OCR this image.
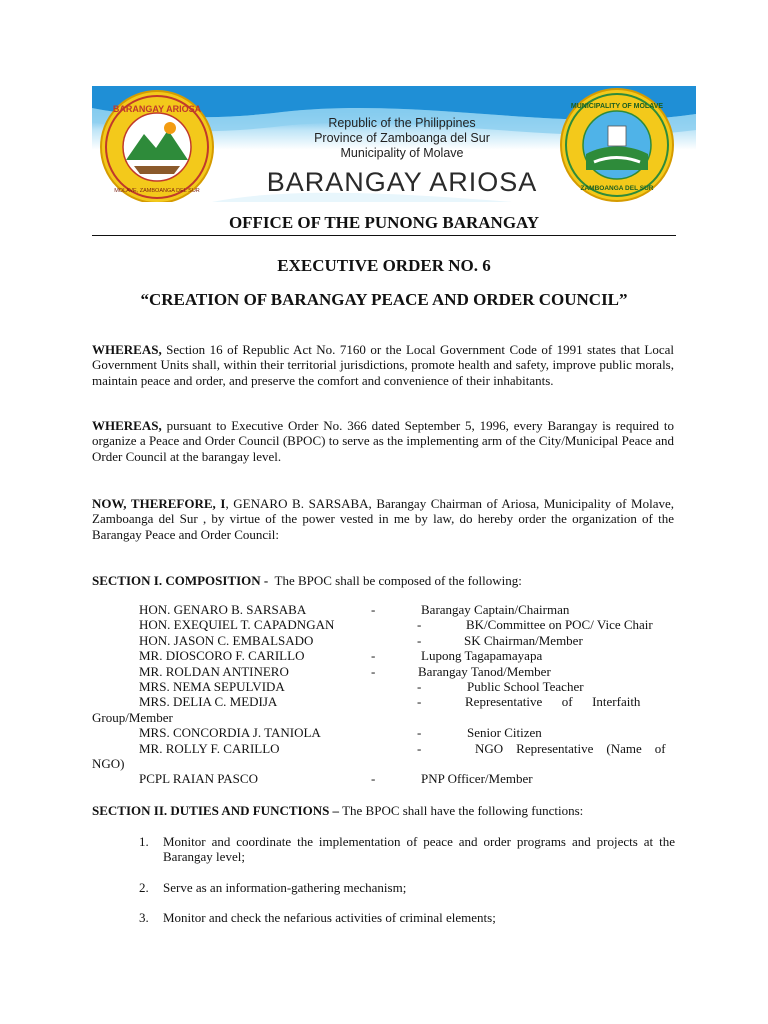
BARANGAY ARIOSA
MOLAVE, ZAMBOANGA DEL SUR
Republic of the Philippines
Province of Zamboanga del Sur
Municipality of Molave
BARANGAY ARIOSA
MUNICIPALITY OF MOLAVE
ZAMBOANGA DEL SUR
OFFICE OF THE PUNONG BARANGAY
EXECUTIVE ORDER NO. 6
“CREATION OF BARANGAY PEACE AND ORDER COUNCIL”
WHEREAS, Section 16 of Republic Act No. 7160 or the Local Government Code of 1991 states that Local Government Units shall, within their territorial jurisdictions, promote health and safety, improve public morals, maintain peace and order, and preserve the comfort and convenience of their inhabitants.
WHEREAS, pursuant to Executive Order No. 366 dated September 5, 1996, every Barangay is required to organize a Peace and Order Council (BPOC) to serve as the implementing arm of the City/Municipal Peace and Order Council at the barangay level.
NOW, THEREFORE, I, GENARO B. SARSABA, Barangay Chairman of Ariosa, Municipality of Molave, Zamboanga del Sur , by virtue of the power vested in me by law, do hereby order the organization of the Barangay Peace and Order Council:
SECTION I. COMPOSITION -  The BPOC shall be composed of the following:
HON. GENARO B. SARSABA	-	Barangay Captain/Chairman
HON. EXEQUIEL T. CAPADNGAN	-	BK/Committee on POC/ Vice Chair
HON. JASON C. EMBALSADO	-	SK Chairman/Member
MR. DIOSCORO F. CARILLO	-	Lupong Tagapamayapa
MR. ROLDAN ANTINERO	-	Barangay Tanod/Member
MRS. NEMA SEPULVIDA	-	Public School Teacher
MRS. DELIA C. MEDIJA	-	Representative      of      Interfaith
Group/Member
MRS. CONCORDIA J. TANIOLA	-	Senior Citizen
MR. ROLLY F. CARILLO	-	NGO    Representative    (Name    of
NGO)
PCPL RAIAN PASCO	-	PNP Officer/Member
SECTION II. DUTIES AND FUNCTIONS – The BPOC shall have the following functions:
1. Monitor and coordinate the implementation of peace and order programs and projects at the Barangay level;
2. Serve as an information-gathering mechanism;
3. Monitor and check the nefarious activities of criminal elements;
